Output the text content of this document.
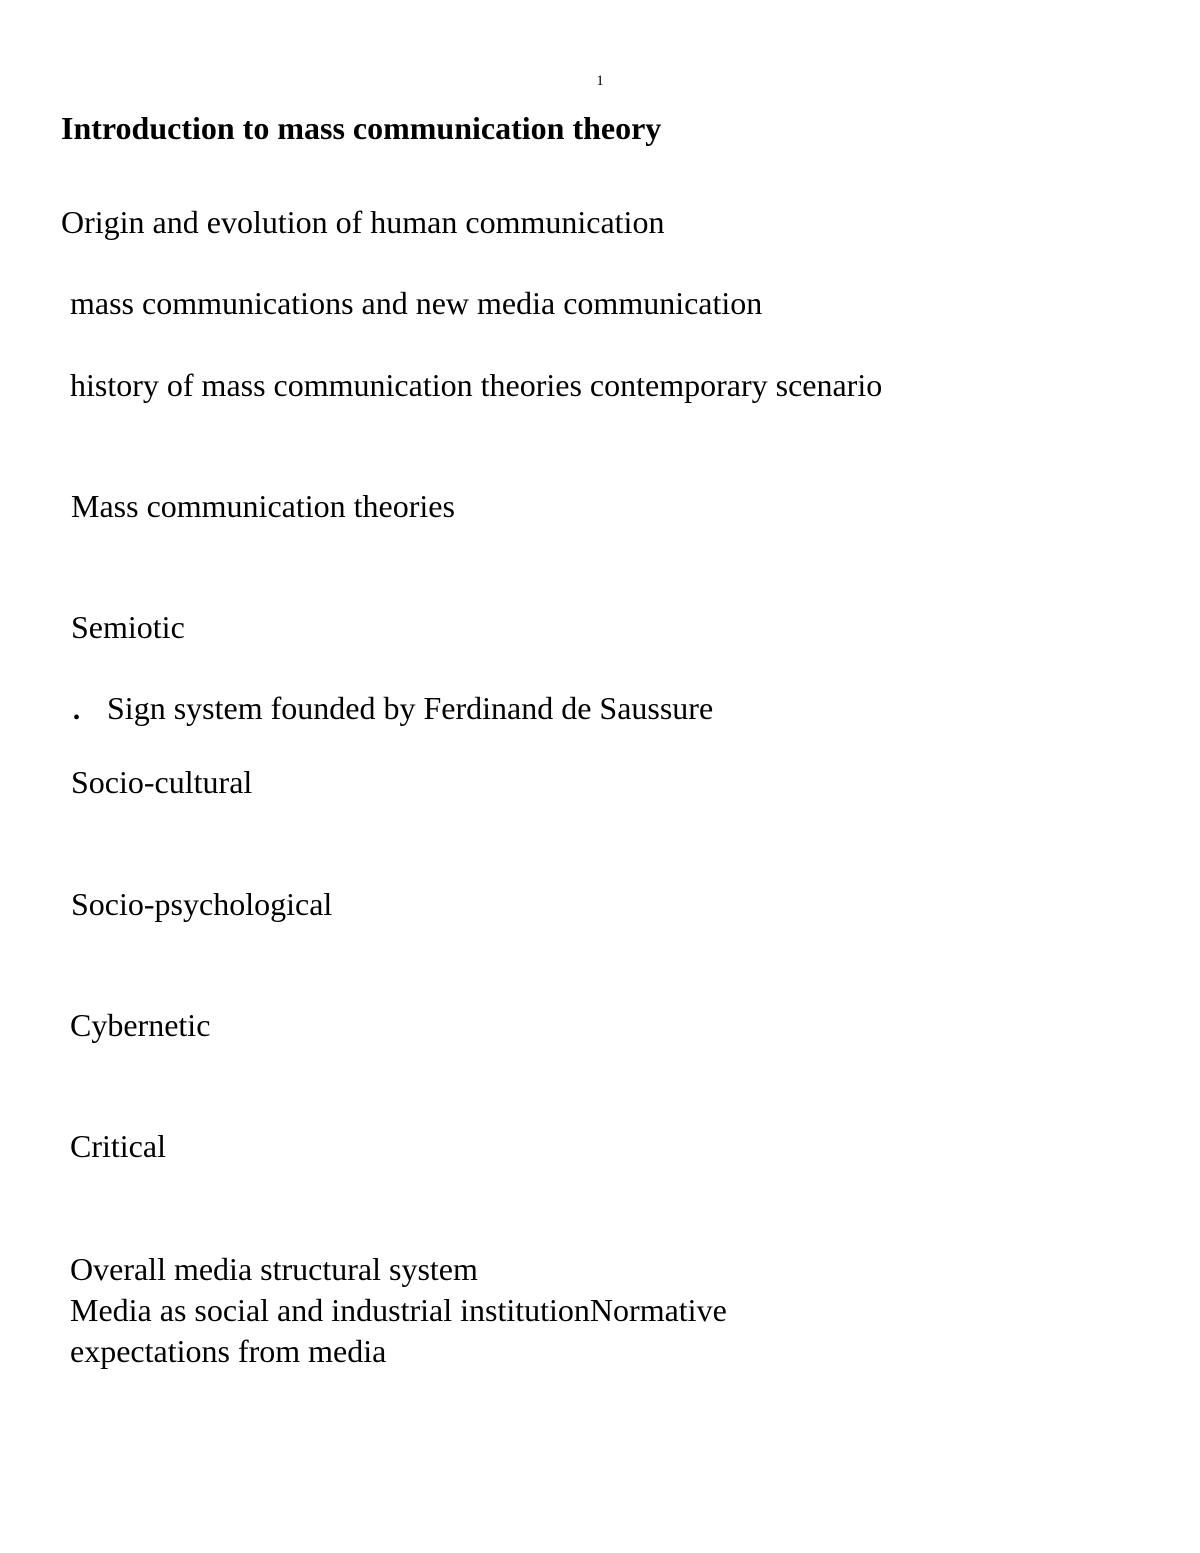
1
Introduction to mass communication theory

Origin and evolution of human communication

mass communications and new media communication

history of mass communication theories contemporary scenario

Mass communication theories

Semiotic

• Sign system founded by Ferdinand de Saussure

Socio-cultural

Socio-psychological

Cybernetic

Critical

Overall media structural system

Media as social and industrial institutionNormative

expectations from media
